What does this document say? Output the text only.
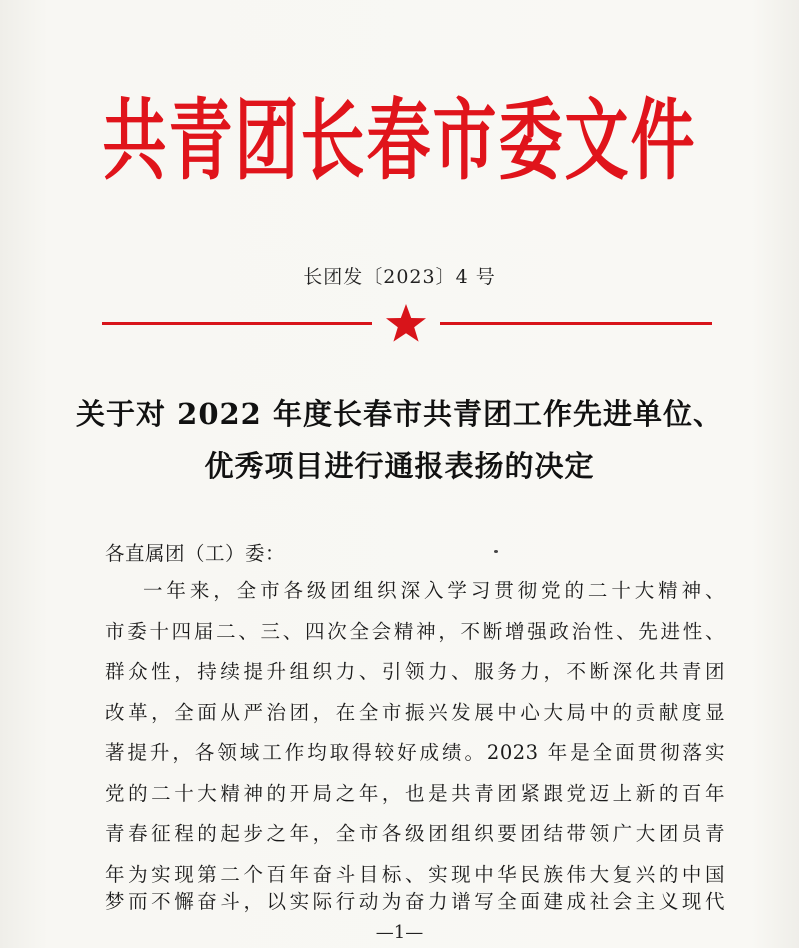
共青团长春市委文件
长团发〔2023〕4 号
关于对 2022 年度长春市共青团工作先进单位、
优秀项目进行通报表扬的决定
各直属团（工）委：
一年来，全市各级团组织深入学习贯彻党的二十大精神、
市委十四届二、三、四次全会精神，不断增强政治性、先进性、
群众性，持续提升组织力、引领力、服务力，不断深化共青团
改革，全面从严治团，在全市振兴发展中心大局中的贡献度显
著提升，各领域工作均取得较好成绩。2023 年是全面贯彻落实
党的二十大精神的开局之年，也是共青团紧跟党迈上新的百年
青春征程的起步之年，全市各级团组织要团结带领广大团员青
年为实现第二个百年奋斗目标、实现中华民族伟大复兴的中国
梦而不懈奋斗，以实际行动为奋力谱写全面建成社会主义现代
—1—
